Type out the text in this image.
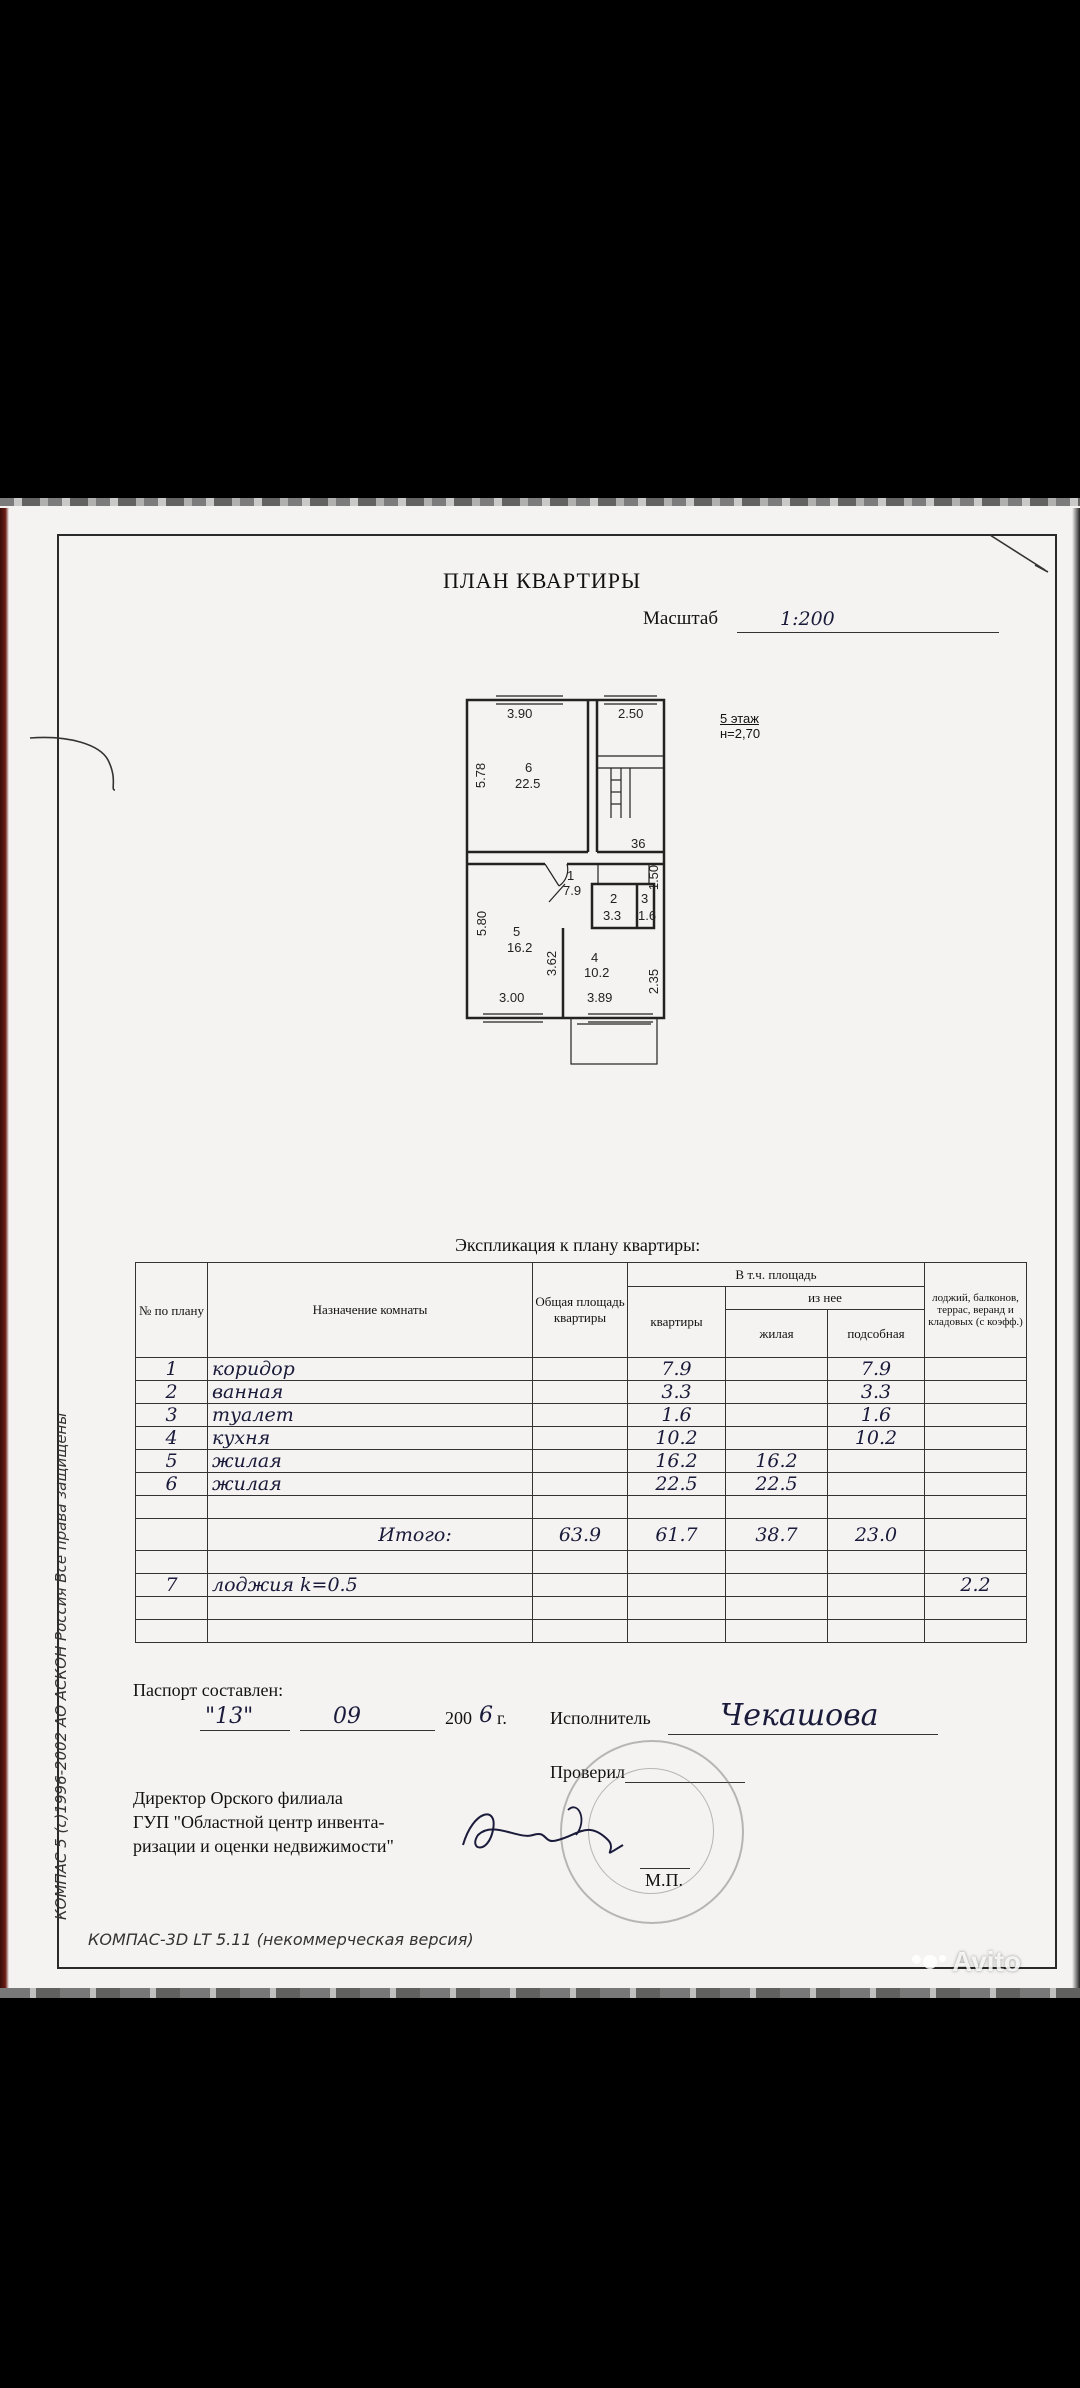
ПЛАН КВАРТИРЫ
Масштаб	1:200
5 этаж
н=2,70
3.90	2.50
5.78	6
22.5
36
1
7.9
1.50
5.80 5
16.2
2
3.3
3
1.6
3.62 4
10.2	2.35
3.00	3.89
Экспликация к плану квартиры:
№ по плану	Назначение комнаты	Общая площадь квартиры	В т.ч. площадь			лоджий, балконов, террас, веранд и кладовых (с коэфф.)
			квартиры	из нее		
				жилая	подсобная	
1	коридор		7.9		7.9	
2	ванная		3.3		3.3	
3	туалет		1.6		1.6	
4	кухня		10.2		10.2	
5	жилая		16.2	16.2		
6	жилая		22.5	22.5		

	Итого:	63.9	61.7	38.7	23.0	

7	лоджия k=0.5					2.2

Паспорт составлен:
"13"	09	200 6 г. Исполнитель Чекашова
Проверил
Директор Орского филиала
ГУП "Областной центр инвента-
ризации и оценки недвижимости"
М.П.
КОМПАС 5 (с)1996-2002 АО АСКОН Россия Все права защищены
КОМПАС-3D LT 5.11 (некоммерческая версия)
Avito
